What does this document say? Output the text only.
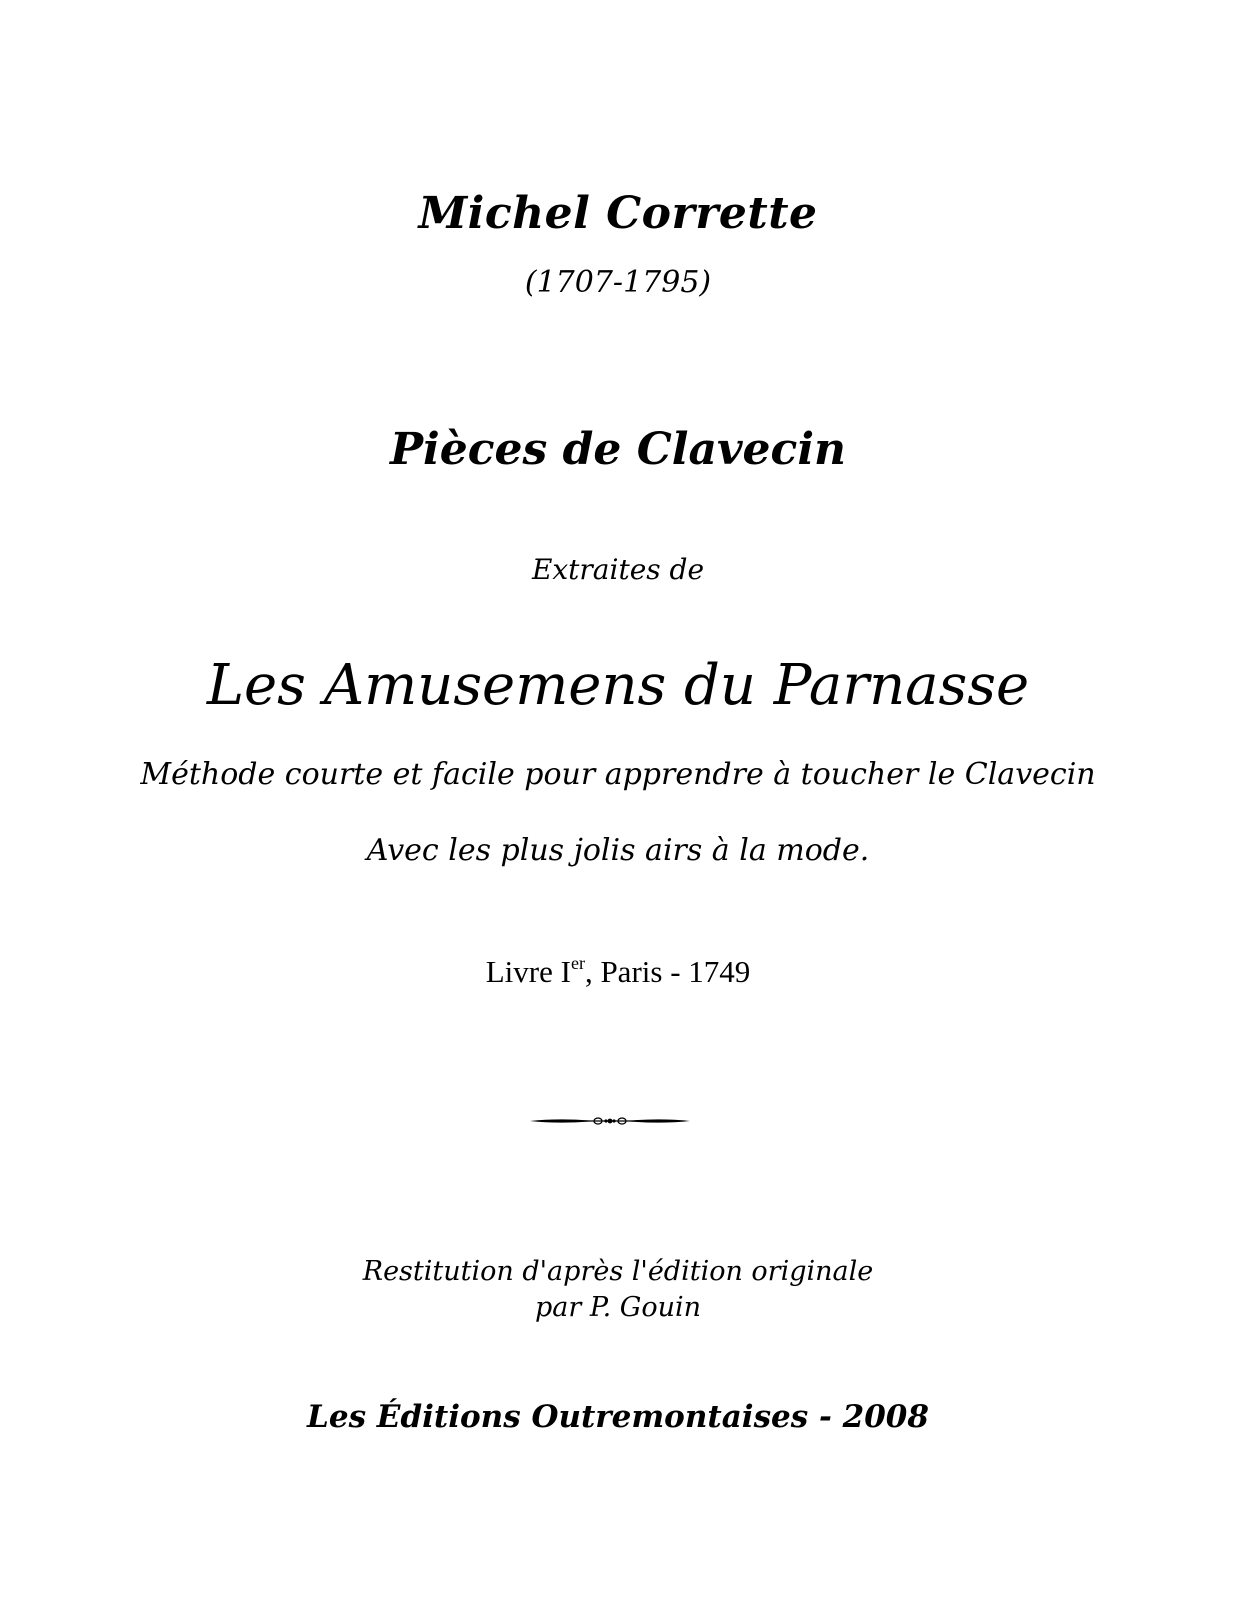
Michel Corrette
(1707-1795)
Pièces de Clavecin
Extraites de
Les Amusemens du Parnasse
Méthode courte et facile pour apprendre à toucher le Clavecin
Avec les plus jolis airs à la mode.
Livre Ier, Paris - 1749
Restitution d'après l'édition originale
par P. Gouin
Les Éditions Outremontaises - 2008
